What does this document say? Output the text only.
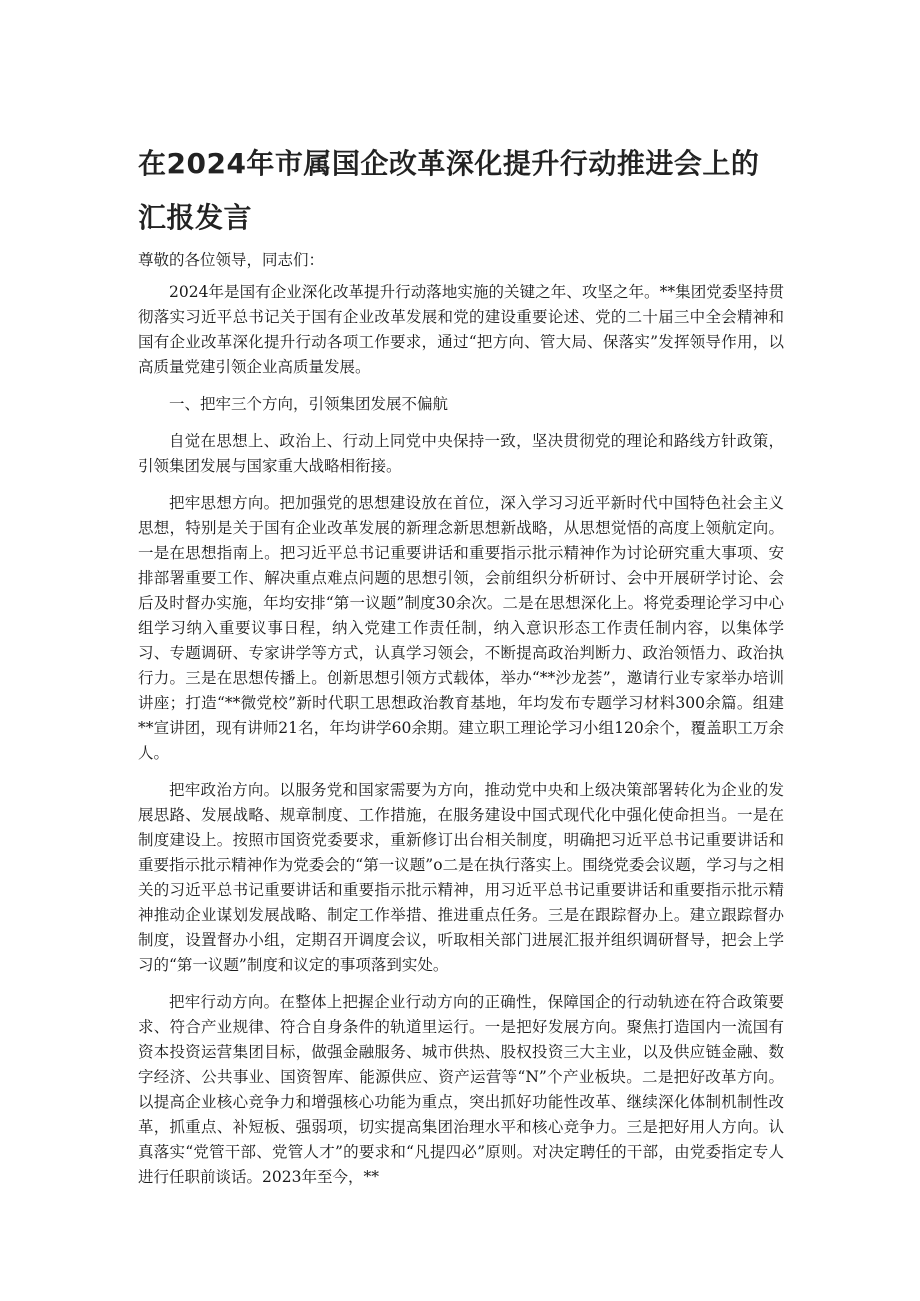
在2024年市属国企改革深化提升行动推进会上的汇报发言

尊敬的各位领导，同志们：

2024年是国有企业深化改革提升行动落地实施的关键之年、攻坚之年。**集团党委坚持贯彻落实习近平总书记关于国有企业改革发展和党的建设重要论述、党的二十届三中全会精神和国有企业改革深化提升行动各项工作要求，通过“把方向、管大局、保落实”发挥领导作用，以高质量党建引领企业高质量发展。

一、把牢三个方向，引领集团发展不偏航

自觉在思想上、政治上、行动上同党中央保持一致，坚决贯彻党的理论和路线方针政策，引领集团发展与国家重大战略相衔接。

把牢思想方向。把加强党的思想建设放在首位，深入学习习近平新时代中国特色社会主义思想，特别是关于国有企业改革发展的新理念新思想新战略，从思想觉悟的高度上领航定向。一是在思想指南上。把习近平总书记重要讲话和重要指示批示精神作为讨论研究重大事项、安排部署重要工作、解决重点难点问题的思想引领，会前组织分析研讨、会中开展研学讨论、会后及时督办实施，年均安排“第一议题”制度30余次。二是在思想深化上。将党委理论学习中心组学习纳入重要议事日程，纳入党建工作责任制，纳入意识形态工作责任制内容，以集体学习、专题调研、专家讲学等方式，认真学习领会，不断提高政治判断力、政治领悟力、政治执行力。三是在思想传播上。创新思想引领方式载体，举办“**沙龙荟”，邀请行业专家举办培训讲座；打造“**微党校”新时代职工思想政治教育基地，年均发布专题学习材料300余篇。组建**宣讲团，现有讲师21名，年均讲学60余期。建立职工理论学习小组120余个，覆盖职工万余人。

把牢政治方向。以服务党和国家需要为方向，推动党中央和上级决策部署转化为企业的发展思路、发展战略、规章制度、工作措施，在服务建设中国式现代化中强化使命担当。一是在制度建设上。按照市国资党委要求，重新修订出台相关制度，明确把习近平总书记重要讲话和重要指示批示精神作为党委会的“第一议题”o二是在执行落实上。围绕党委会议题，学习与之相关的习近平总书记重要讲话和重要指示批示精神，用习近平总书记重要讲话和重要指示批示精神推动企业谋划发展战略、制定工作举措、推进重点任务。三是在跟踪督办上。建立跟踪督办制度，设置督办小组，定期召开调度会议，听取相关部门进展汇报并组织调研督导，把会上学习的“第一议题”制度和议定的事项落到实处。

把牢行动方向。在整体上把握企业行动方向的正确性，保障国企的行动轨迹在符合政策要求、符合产业规律、符合自身条件的轨道里运行。一是把好发展方向。聚焦打造国内一流国有资本投资运营集团目标，做强金融服务、城市供热、股权投资三大主业，以及供应链金融、数字经济、公共事业、国资智库、能源供应、资产运营等“N”个产业板块。二是把好改革方向。以提高企业核心竞争力和增强核心功能为重点，突出抓好功能性改革、继续深化体制机制性改革，抓重点、补短板、强弱项，切实提高集团治理水平和核心竞争力。三是把好用人方向。认真落实“党管干部、党管人才”的要求和“凡提四必”原则。对决定聘任的干部，由党委指定专人进行任职前谈话。2023年至今，**
